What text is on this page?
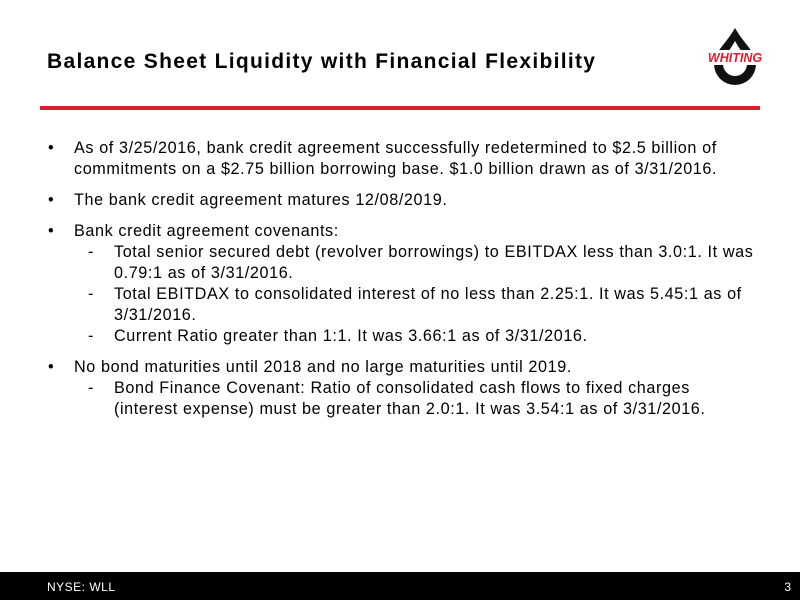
Balance Sheet Liquidity with Financial Flexibility	WHITING
• As of 3/25/2016, bank credit agreement successfully redetermined to $2.5 billion of commitments on a $2.75 billion borrowing base. $1.0 billion drawn as of 3/31/2016.
• The bank credit agreement matures 12/08/2019.
• Bank credit agreement covenants:
- Total senior secured debt (revolver borrowings) to EBITDAX less than 3.0:1. It was 0.79:1 as of 3/31/2016.
- Total EBITDAX to consolidated interest of no less than 2.25:1. It was 5.45:1 as of 3/31/2016.
- Current Ratio greater than 1:1. It was 3.66:1 as of 3/31/2016.
• No bond maturities until 2018 and no large maturities until 2019.
- Bond Finance Covenant: Ratio of consolidated cash flows to fixed charges (interest expense) must be greater than 2.0:1. It was 3.54:1 as of 3/31/2016.
NYSE: WLL	3
